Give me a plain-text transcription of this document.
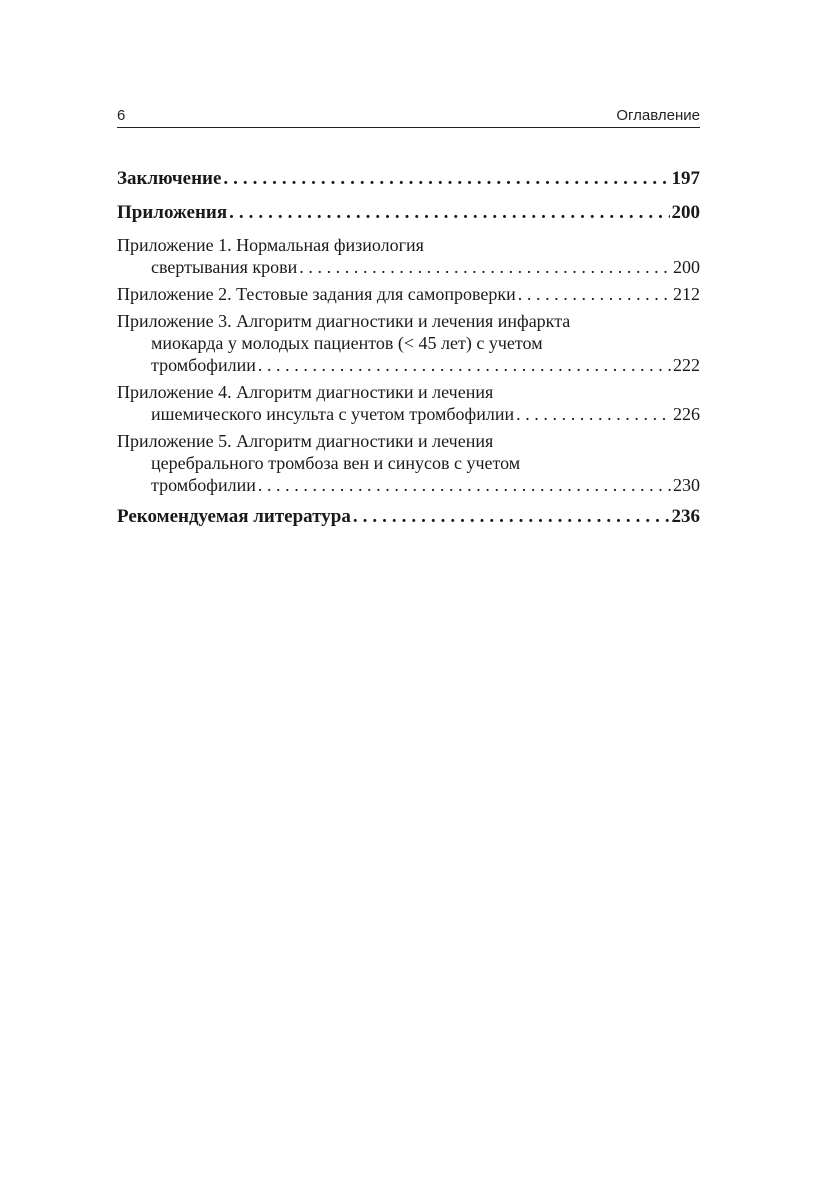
6	Оглавление
Заключение .....	197
Приложения .....	200
Приложение 1. Нормальная физиология
свертывания крови .....	200
Приложение 2. Тестовые задания для самопроверки .....	212
Приложение 3. Алгоритм диагностики и лечения инфаркта
миокарда у молодых пациентов (< 45 лет) с учетом
тромбофилии .....	222
Приложение 4. Алгоритм диагностики и лечения
ишемического инсульта с учетом тромбофилии .....	226
Приложение 5. Алгоритм диагностики и лечения
церебрального тромбоза вен и синусов с учетом
тромбофилии .....	230
Рекомендуемая литература .....	236
